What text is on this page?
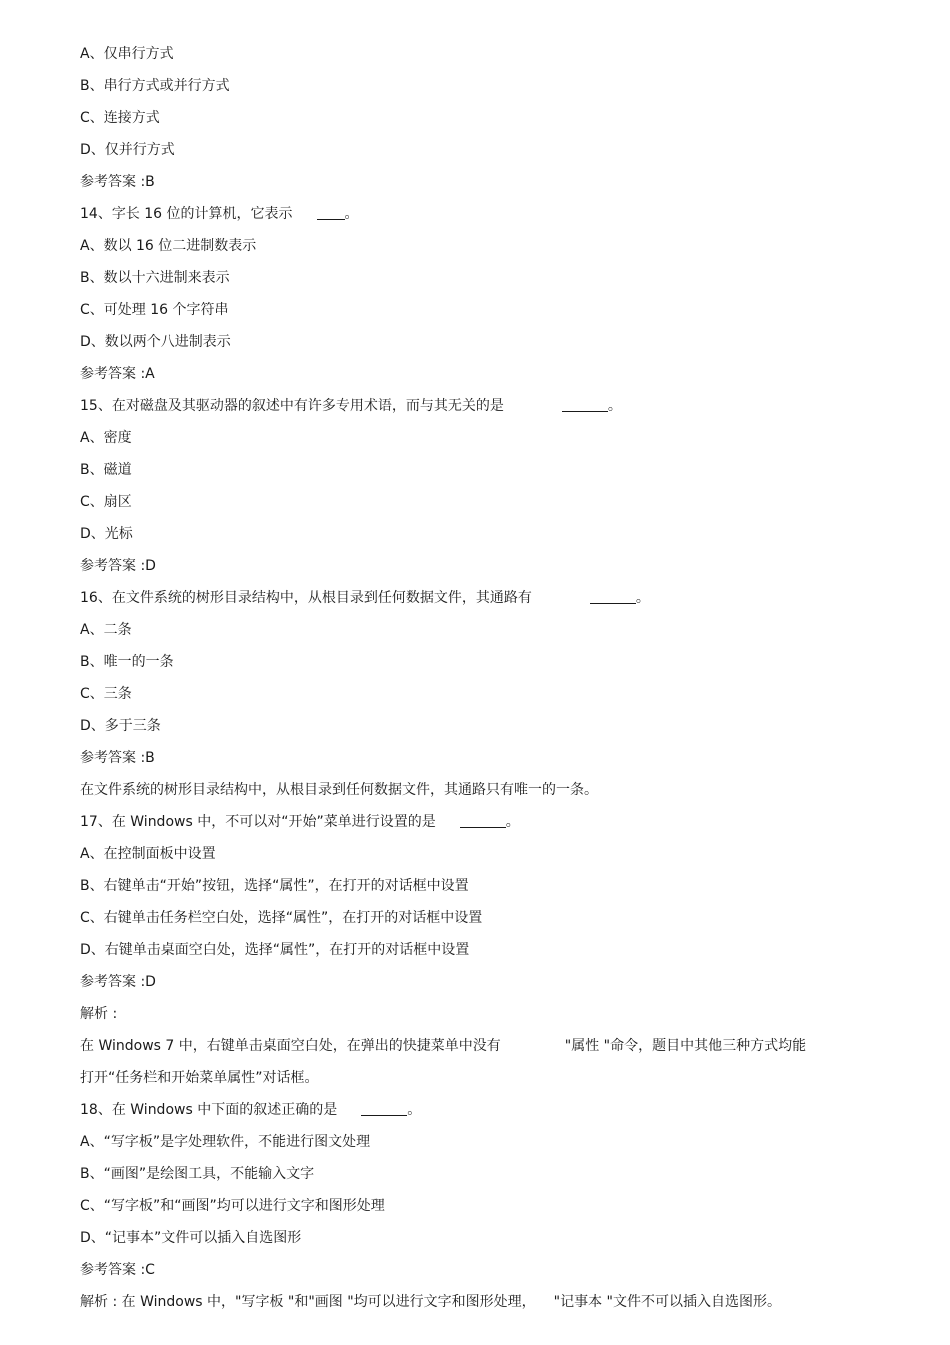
A、仅串行方式
B、串行方式或并行方式
C、连接方式
D、仅并行方式
参考答案 :B
14、字长 16 位的计算机，它表示	。
A、数以 16 位二进制数表示
B、数以十六进制来表示
C、可处理 16 个字符串
D、数以两个八进制表示
参考答案 :A
15、在对磁盘及其驱动器的叙述中有许多专用术语，而与其无关的是	。
A、密度
B、磁道
C、扇区
D、光标
参考答案 :D
16、在文件系统的树形目录结构中，从根目录到任何数据文件，其通路有	。
A、二条
B、唯一的一条
C、三条
D、多于三条
参考答案 :B
在文件系统的树形目录结构中，从根目录到任何数据文件，其通路只有唯一的一条。
17、在 Windows 中，不可以对“开始”菜单进行设置的是	。
A、在控制面板中设置
B、右键单击“开始”按钮，选择“属性”，在打开的对话框中设置
C、右键单击任务栏空白处，选择“属性”，在打开的对话框中设置
D、右键单击桌面空白处，选择“属性”，在打开的对话框中设置
参考答案 :D
解析 :
在 Windows 7 中，右键单击桌面空白处，在弹出的快捷菜单中没有	"属性 "命令，题目中其他三种方式均能
打开“任务栏和开始菜单属性”对话框。
18、在 Windows 中下面的叙述正确的是	。
A、“写字板”是字处理软件，不能进行图文处理
B、“画图”是绘图工具，不能输入文字
C、“写字板”和“画图”均可以进行文字和图形处理
D、“记事本”文件可以插入自选图形
参考答案 :C
解析 : 在 Windows 中，"写字板 "和"画图 "均可以进行文字和图形处理， "记事本 "文件不可以插入自选图形。
